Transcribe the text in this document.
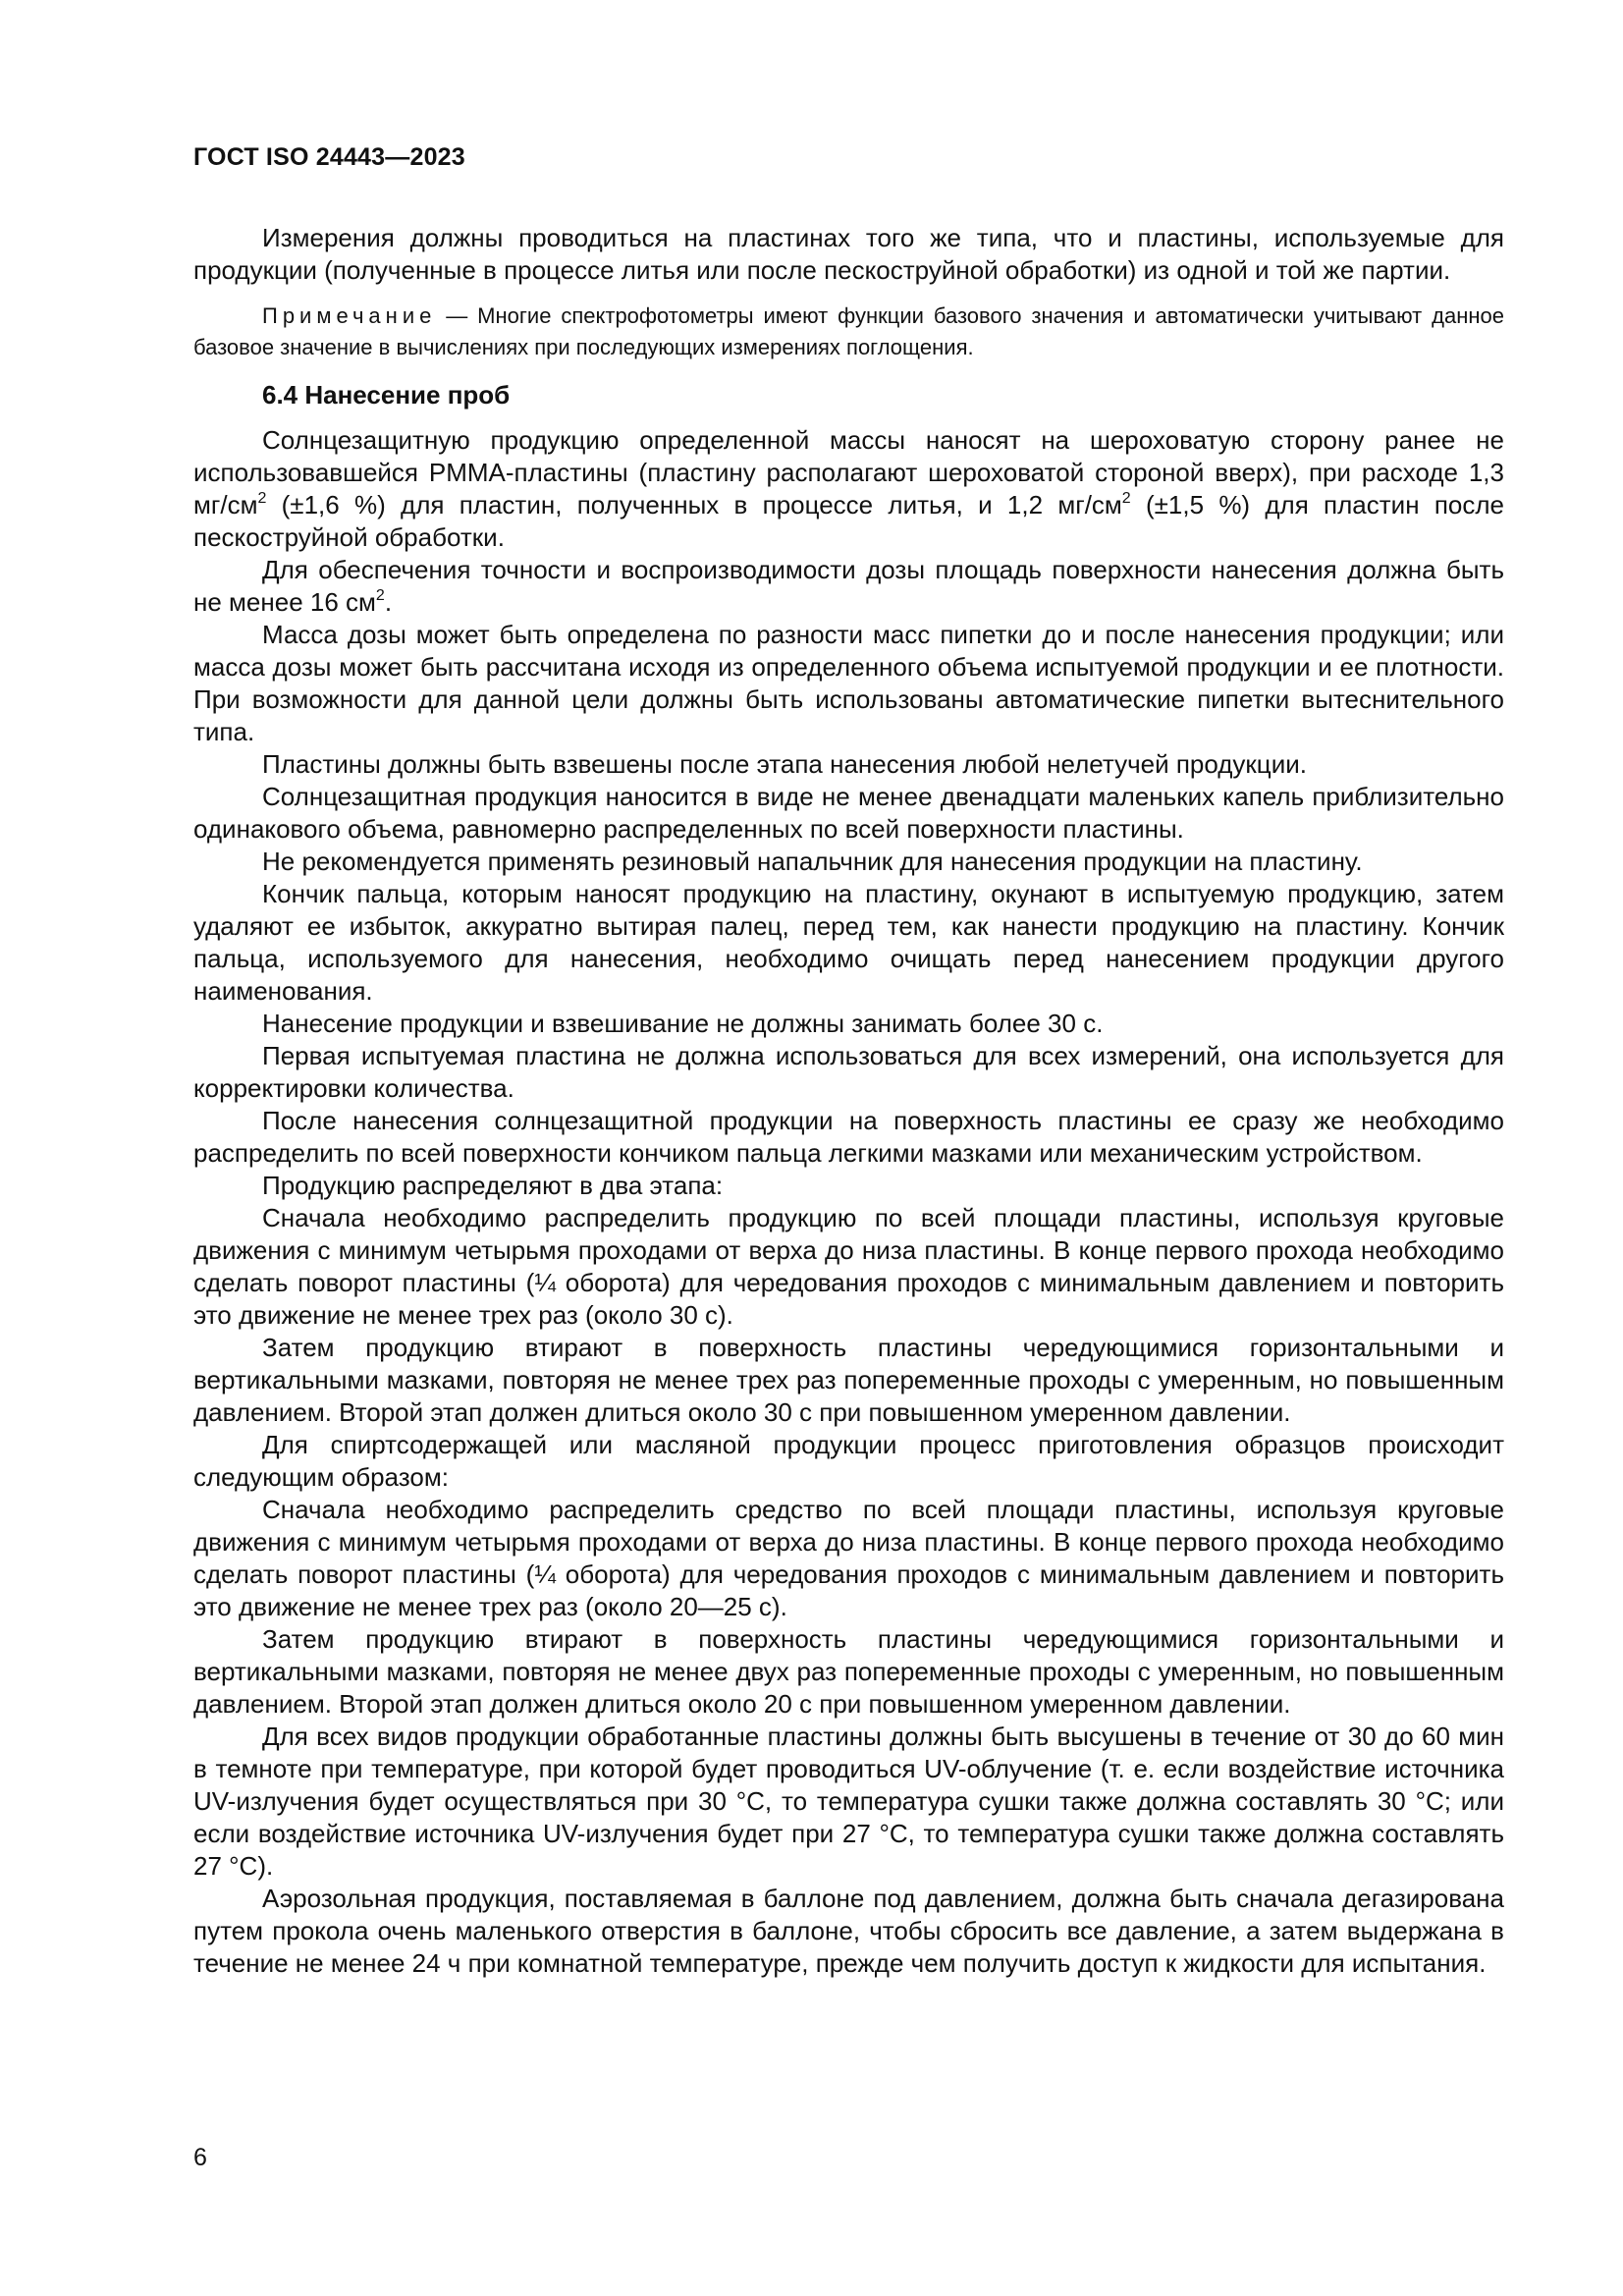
ГОСТ ISO 24443—2023

Измерения должны проводиться на пластинах того же типа, что и пластины, используемые для продукции (полученные в процессе литья или после пескоструйной обработки) из одной и той же партии.

Примечание — Многие спектрофотометры имеют функции базового значения и автоматически учитывают данное базовое значение в вычислениях при последующих измерениях поглощения.

6.4 Нанесение проб

Солнцезащитную продукцию определенной массы наносят на шероховатую сторону ранее не использовавшейся PMMA-пластины (пластину располагают шероховатой стороной вверх), при расходе 1,3 $мг/см^2$ (±1,6 %) для пластин, полученных в процессе литья, и 1,2 $мг/см^2$ (±1,5 %) для пластин после пескоструйной обработки.

Для обеспечения точности и воспроизводимости дозы площадь поверхности нанесения должна быть не менее 16 $см^2$.

Масса дозы может быть определена по разности масс пипетки до и после нанесения продукции; или масса дозы может быть рассчитана исходя из определенного объема испытуемой продукции и ее плотности. При возможности для данной цели должны быть использованы автоматические пипетки вытеснительного типа.

Пластины должны быть взвешены после этапа нанесения любой нелетучей продукции.

Солнцезащитная продукция наносится в виде не менее двенадцати маленьких капель приблизительно одинакового объема, равномерно распределенных по всей поверхности пластины.

Не рекомендуется применять резиновый напальчник для нанесения продукции на пластину.

Кончик пальца, которым наносят продукцию на пластину, окунают в испытуемую продукцию, затем удаляют ее избыток, аккуратно вытирая палец, перед тем, как нанести продукцию на пластину. Кончик пальца, используемого для нанесения, необходимо очищать перед нанесением продукции другого наименования.

Нанесение продукции и взвешивание не должны занимать более 30 с.

Первая испытуемая пластина не должна использоваться для всех измерений, она используется для корректировки количества.

После нанесения солнцезащитной продукции на поверхность пластины ее сразу же необходимо распределить по всей поверхности кончиком пальца легкими мазками или механическим устройством.

Продукцию распределяют в два этапа:

Сначала необходимо распределить продукцию по всей площади пластины, используя круговые движения с минимум четырьмя проходами от верха до низа пластины. В конце первого прохода необходимо сделать поворот пластины (¼ оборота) для чередования проходов с минимальным давлением и повторить это движение не менее трех раз (около 30 с).

Затем продукцию втирают в поверхность пластины чередующимися горизонтальными и вертикальными мазками, повторяя не менее трех раз попеременные проходы с умеренным, но повышенным давлением. Второй этап должен длиться около 30 с при повышенном умеренном давлении.

Для спиртсодержащей или масляной продукции процесс приготовления образцов происходит следующим образом:

Сначала необходимо распределить средство по всей площади пластины, используя круговые движения с минимум четырьмя проходами от верха до низа пластины. В конце первого прохода необходимо сделать поворот пластины (¼ оборота) для чередования проходов с минимальным давлением и повторить это движение не менее трех раз (около 20—25 с).

Затем продукцию втирают в поверхность пластины чередующимися горизонтальными и вертикальными мазками, повторяя не менее двух раз попеременные проходы с умеренным, но повышенным давлением. Второй этап должен длиться около 20 с при повышенном умеренном давлении.

Для всех видов продукции обработанные пластины должны быть высушены в течение от 30 до 60 мин в темноте при температуре, при которой будет проводиться UV-облучение (т. е. если воздействие источника UV-излучения будет осуществляться при 30 °C, то температура сушки также должна составлять 30 °C; или если воздействие источника UV-излучения будет при 27 °C, то температура сушки также должна составлять 27 °C).

Аэрозольная продукция, поставляемая в баллоне под давлением, должна быть сначала дегазирована путем прокола очень маленького отверстия в баллоне, чтобы сбросить все давление, а затем выдержана в течение не менее 24 ч при комнатной температуре, прежде чем получить доступ к жидкости для испытания.

6
